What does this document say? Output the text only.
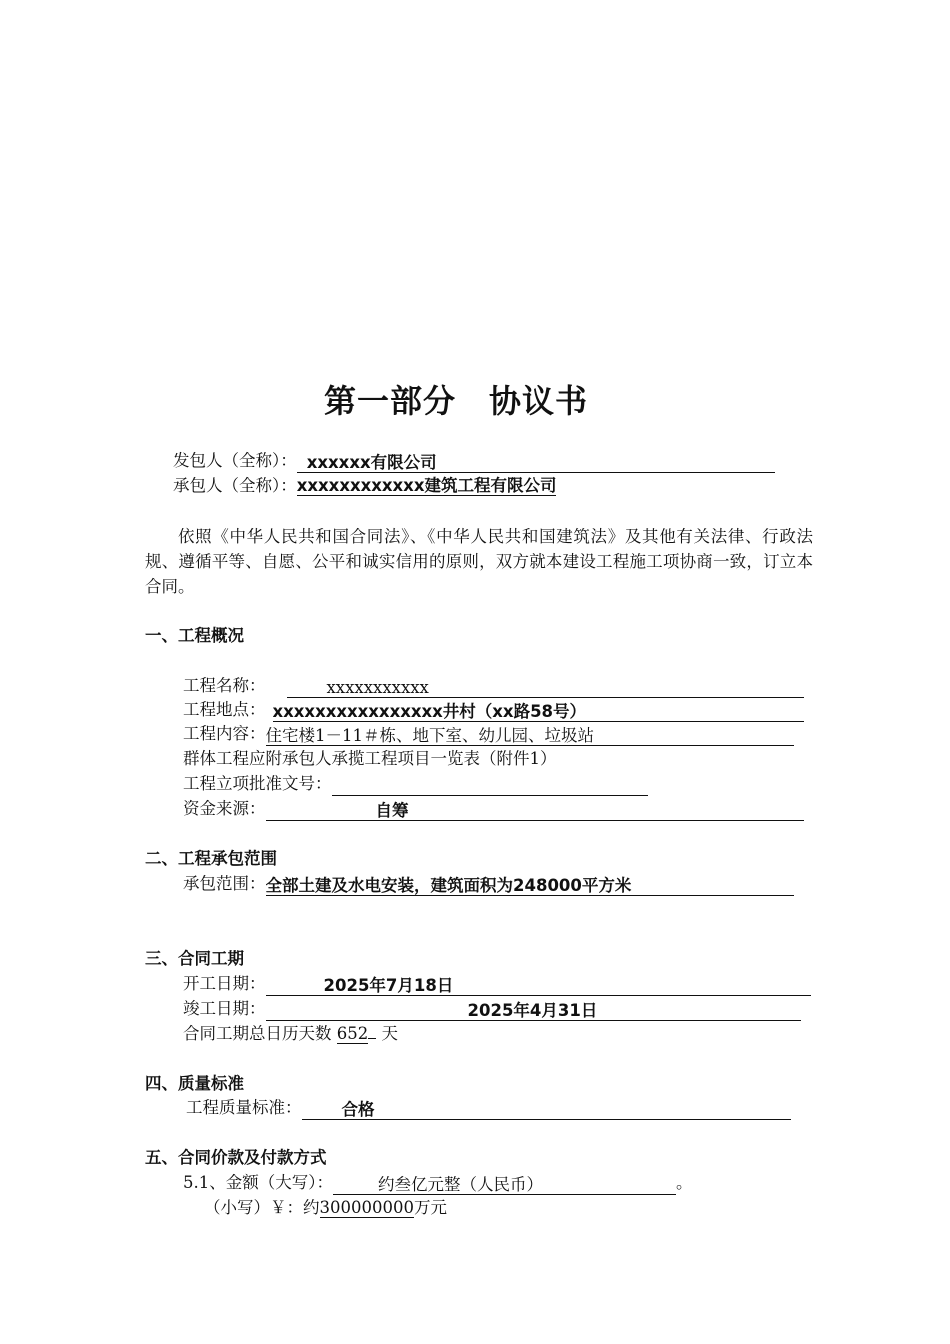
第一部分　协议书
发包人（全称）： xxxxxx有限公司
承包人（全称）：xxxxxxxxxxxx建筑工程有限公司

依照《中华人民共和国合同法》、《中华人民共和国建筑法》及其他有关法律、行政法规、遵循平等、自愿、公平和诚实信用的原则，双方就本建设工程施工项协商一致，订立本合同。

一、工程概况
工程名称：	xxxxxxxxxxx
工程地点： xxxxxxxxxxxxxxxx井村（xx路58号）
工程内容： 住宅楼1－11＃栋、地下室、幼儿园、垃圾站
群体工程应附承包人承揽工程项目一览表（附件1）
工程立项批准文号：
资金来源：	自筹
二、工程承包范围
承包范围： 全部土建及水电安装，建筑面积为248000平方米
三、合同工期
开工日期：	2025年7月18日
竣工日期：	2025年4月31日
合同工期总日历天数 652 天
四、质量标准
工程质量标准： 合格
五、合同价款及付款方式
5.1、金额（大写）：	约叁亿元整（人民币）	。
（小写）￥：约300000000万元
